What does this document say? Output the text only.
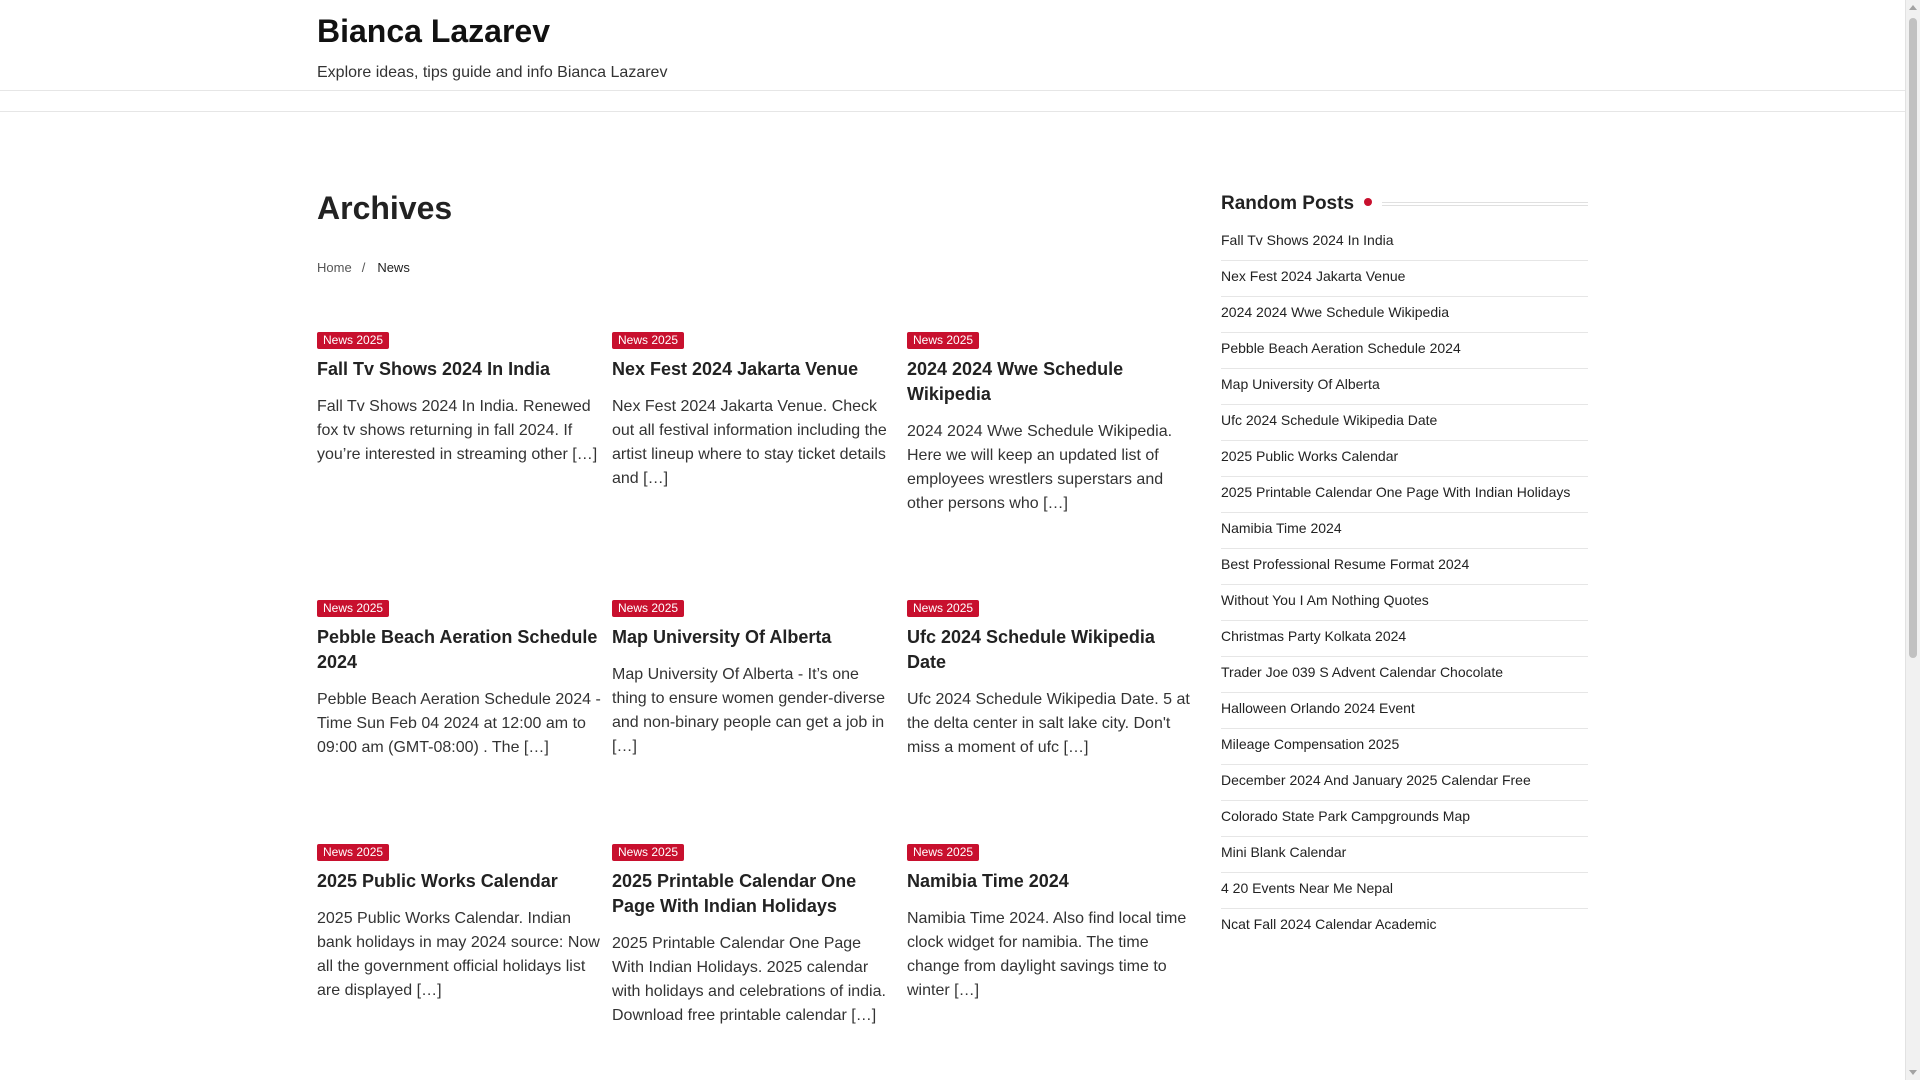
Bianca Lazarev
Explore ideas, tips guide and info Bianca Lazarev
Archives
Home / News
News 2025
Fall Tv Shows 2024 In India
Fall Tv Shows 2024 In India. Renewed fox tv shows returning in fall 2024. If you’re interested in streaming other […]
News 2025
Nex Fest 2024 Jakarta Venue
Nex Fest 2024 Jakarta Venue. Check out all festival information including the artist lineup where to stay ticket details and […]
News 2025
2024 2024 Wwe Schedule Wikipedia
2024 2024 Wwe Schedule Wikipedia. Here we will keep an updated list of employees wrestlers superstars and other persons who […]
News 2025
Pebble Beach Aeration Schedule 2024
Pebble Beach Aeration Schedule 2024 - Time Sun Feb 04 2024 at 12:00 am to 09:00 am (GMT-08:00) . The […]
News 2025
Map University Of Alberta
Map University Of Alberta - It’s one thing to ensure women gender-diverse and non-binary people can get a job in […]
News 2025
Ufc 2024 Schedule Wikipedia Date
Ufc 2024 Schedule Wikipedia Date. 5 at the delta center in salt lake city. Don't miss a moment of ufc […]
News 2025
2025 Public Works Calendar
2025 Public Works Calendar. Indian bank holidays in may 2024 source: Now all the government official holidays list are displayed […]
News 2025
2025 Printable Calendar One Page With Indian Holidays
2025 Printable Calendar One Page With Indian Holidays. 2025 calendar with holidays and celebrations of india. Download free printable calendar […]
News 2025
Namibia Time 2024
Namibia Time 2024. Also find local time clock widget for namibia. The time change from daylight savings time to winter […]
Random Posts
Fall Tv Shows 2024 In India
Nex Fest 2024 Jakarta Venue
2024 2024 Wwe Schedule Wikipedia
Pebble Beach Aeration Schedule 2024
Map University Of Alberta
Ufc 2024 Schedule Wikipedia Date
2025 Public Works Calendar
2025 Printable Calendar One Page With Indian Holidays
Namibia Time 2024
Best Professional Resume Format 2024
Without You I Am Nothing Quotes
Christmas Party Kolkata 2024
Trader Joe 039 S Advent Calendar Chocolate
Halloween Orlando 2024 Event
Mileage Compensation 2025
December 2024 And January 2025 Calendar Free
Colorado State Park Campgrounds Map
Mini Blank Calendar
4 20 Events Near Me Nepal
Ncat Fall 2024 Calendar Academic
